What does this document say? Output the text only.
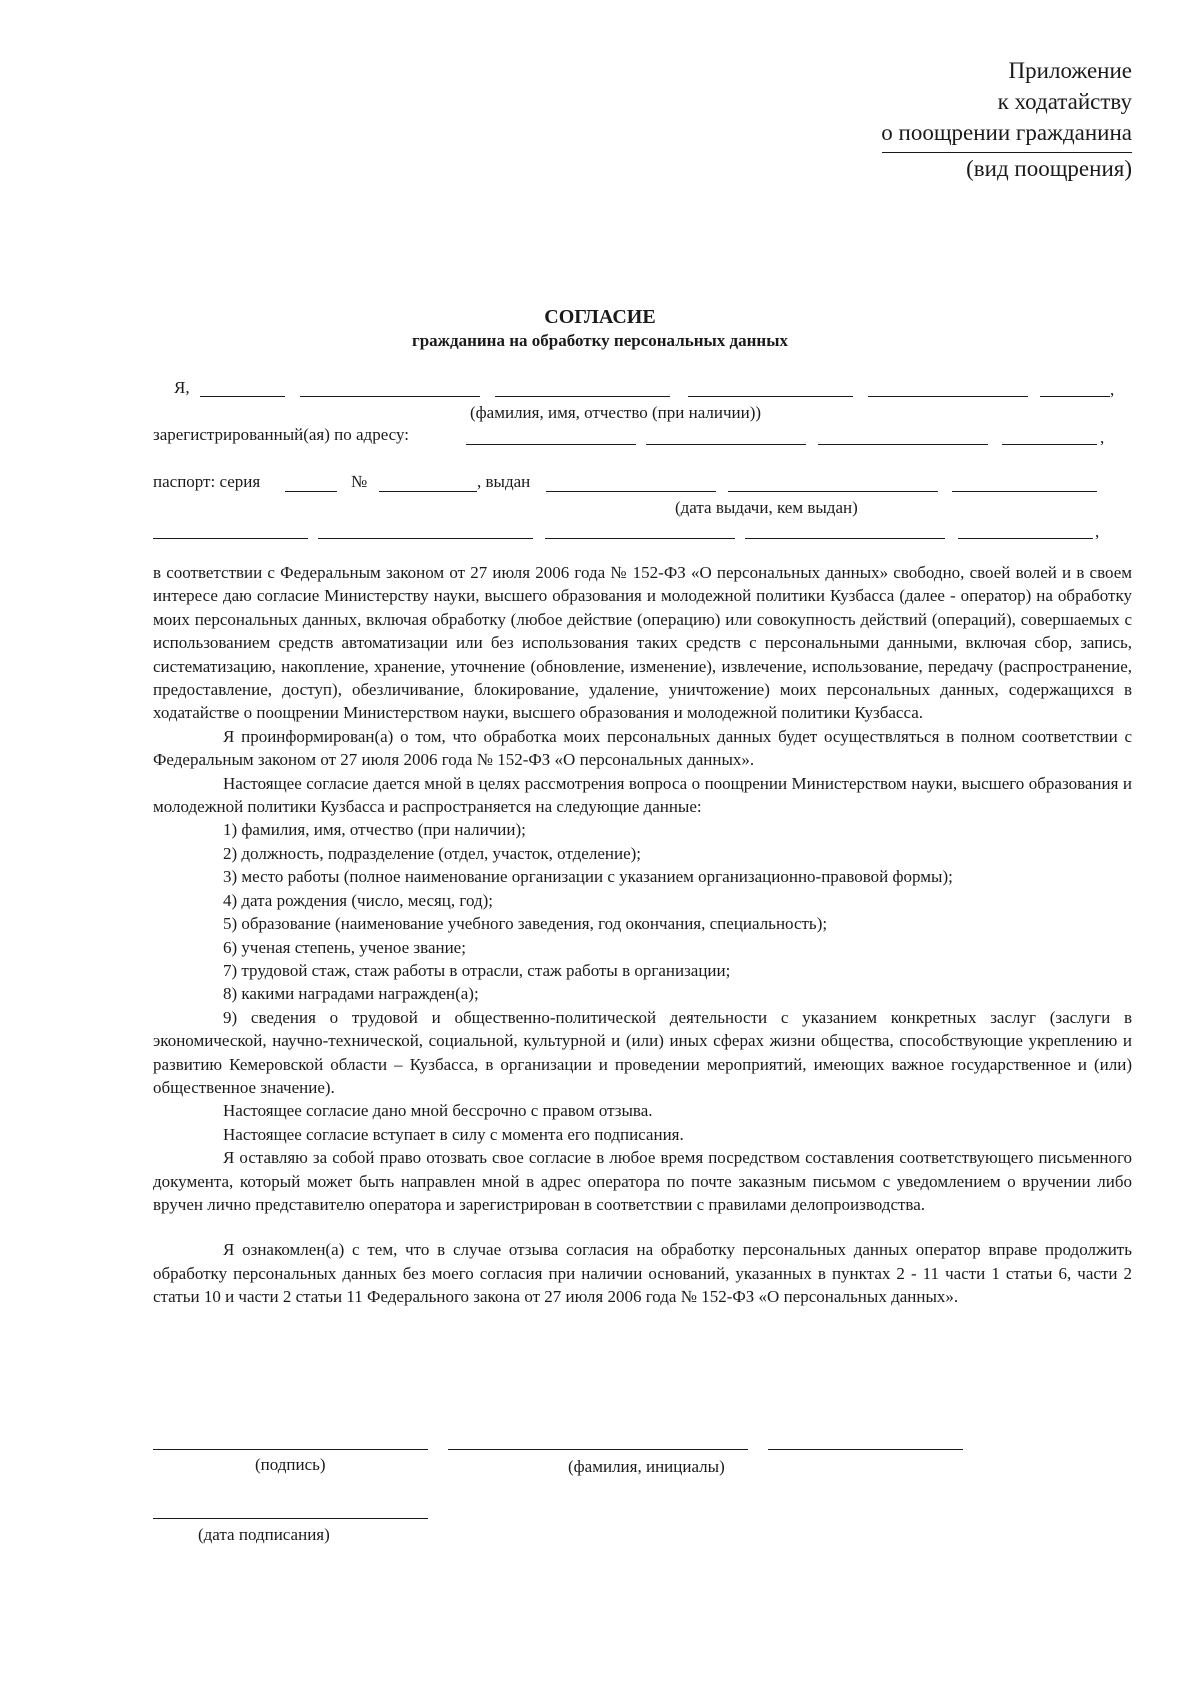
Приложение
к ходатайству
о поощрении гражданина
(вид поощрения)
СОГЛАСИЕ
гражданина на обработку персональных данных
Я,	,
(фамилия, имя, отчество (при наличии))
зарегистрированный(ая) по адресу:	,
паспорт: серия	№	, выдан
(дата выдачи, кем выдан)
,

в соответствии с Федеральным законом от 27 июля 2006 года № 152-ФЗ «О персональных данных» свободно, своей волей и в своем интересе даю согласие Министерству науки, высшего образования и молодежной политики Кузбасса (далее - оператор) на обработку моих персональных данных, включая обработку (любое действие (операцию) или совокупность действий (операций), совершаемых с использованием средств автоматизации или без использования таких средств с персональными данными, включая сбор, запись, систематизацию, накопление, хранение, уточнение (обновление, изменение), извлечение, использование, передачу (распространение, предоставление, доступ), обезличивание, блокирование, удаление, уничтожение) моих персональных данных, содержащихся в ходатайстве о поощрении Министерством науки, высшего образования и молодежной политики Кузбасса.

Я проинформирован(а) о том, что обработка моих персональных данных будет осуществляться в полном соответствии с Федеральным законом от 27 июля 2006 года № 152-ФЗ «О персональных данных».

Настоящее согласие дается мной в целях рассмотрения вопроса о поощрении Министерством науки, высшего образования и молодежной политики Кузбасса и распространяется на следующие данные:

1) фамилия, имя, отчество (при наличии);

2) должность, подразделение (отдел, участок, отделение);

3) место работы (полное наименование организации с указанием организационно-правовой формы);

4) дата рождения (число, месяц, год);

5) образование (наименование учебного заведения, год окончания, специальность);

6) ученая степень, ученое звание;

7) трудовой стаж, стаж работы в отрасли, стаж работы в организации;

8) какими наградами награжден(а);

9) сведения о трудовой и общественно-политической деятельности с указанием конкретных заслуг (заслуги в экономической, научно-технической, социальной, культурной и (или) иных сферах жизни общества, способствующие укреплению и развитию Кемеровской области – Кузбасса, в организации и проведении мероприятий, имеющих важное государственное и (или) общественное значение).

Настоящее согласие дано мной бессрочно с правом отзыва.

Настоящее согласие вступает в силу с момента его подписания.

Я оставляю за собой право отозвать свое согласие в любое время посредством составления соответствующего письменного документа, который может быть направлен мной в адрес оператора по почте заказным письмом с уведомлением о вручении либо вручен лично представителю оператора и зарегистрирован в соответствии с правилами делопроизводства.

Я ознакомлен(а) с тем, что в случае отзыва согласия на обработку персональных данных оператор вправе продолжить обработку персональных данных без моего согласия при наличии оснований, указанных в пунктах 2 - 11 части 1 статьи 6, части 2 статьи 10 и части 2 статьи 11 Федерального закона от 27 июля 2006 года № 152-ФЗ «О персональных данных».

(подпись)	(фамилия, инициалы)
(дата подписания)
